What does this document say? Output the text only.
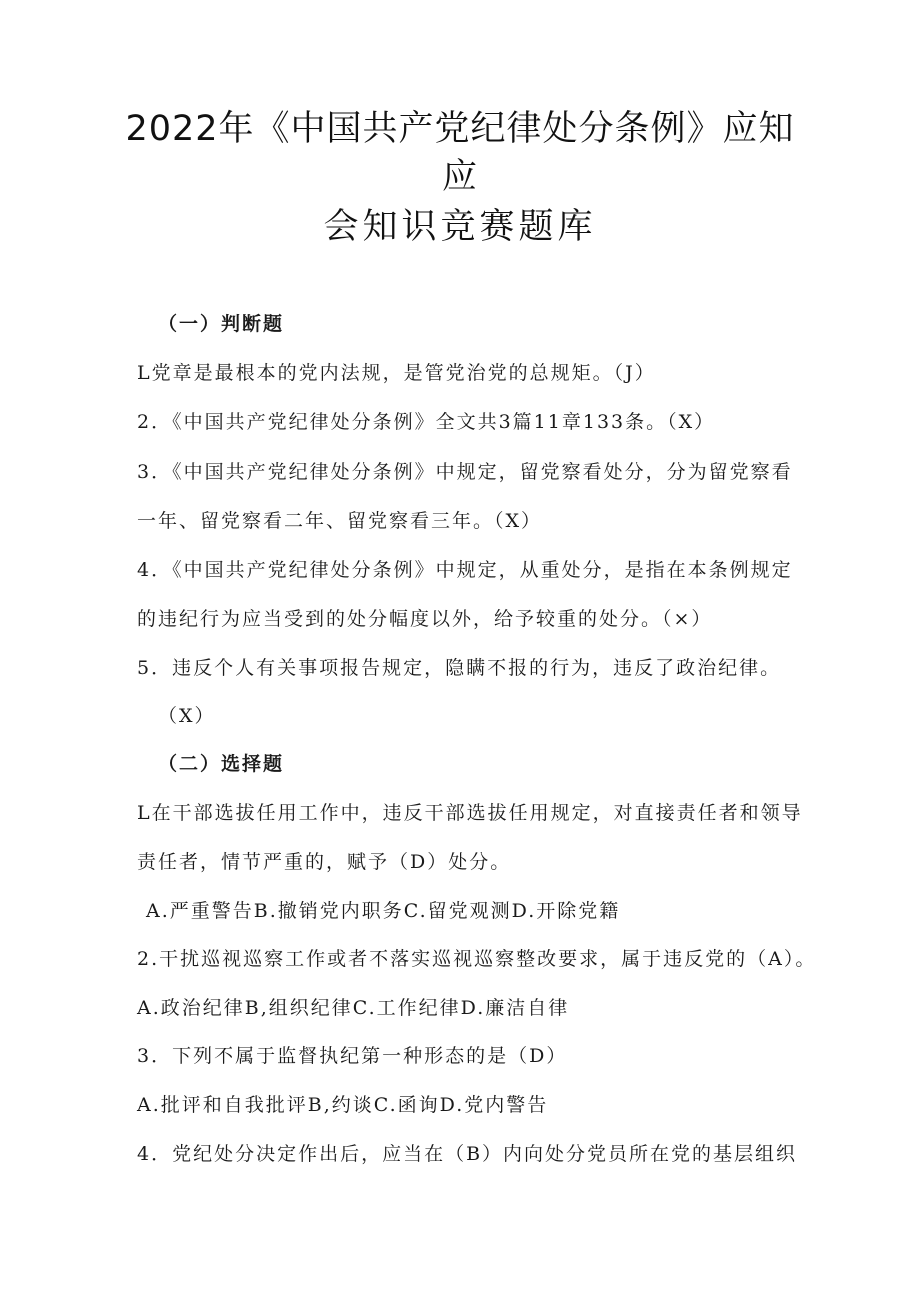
2022年《中国共产党纪律处分条例》应知
应
会知识竞赛题库
（一）判断题
L党章是最根本的党内法规，是管党治党的总规矩。（J）
2．《中国共产党纪律处分条例》全文共3篇11章133条。（X）
3．《中国共产党纪律处分条例》中规定，留党察看处分，分为留党察看
一年、留党察看二年、留党察看三年。（X）
4．《中国共产党纪律处分条例》中规定，从重处分，是指在本条例规定
的违纪行为应当受到的处分幅度以外，给予较重的处分。（×）
5．违反个人有关事项报告规定，隐瞒不报的行为，违反了政治纪律。
（X）
（二）选择题
L在干部选拔任用工作中，违反干部选拔任用规定，对直接责任者和领导
责任者，情节严重的，赋予（D）处分。
A.严重警告B.撤销党内职务C.留党观测D.开除党籍
2.干扰巡视巡察工作或者不落实巡视巡察整改要求，属于违反党的（A）。
A.政治纪律B,组织纪律C.工作纪律D.廉洁自律
3．下列不属于监督执纪第一种形态的是（D）
A.批评和自我批评B,约谈C.函询D.党内警告
4．党纪处分决定作出后，应当在（B）内向处分党员所在党的基层组织
